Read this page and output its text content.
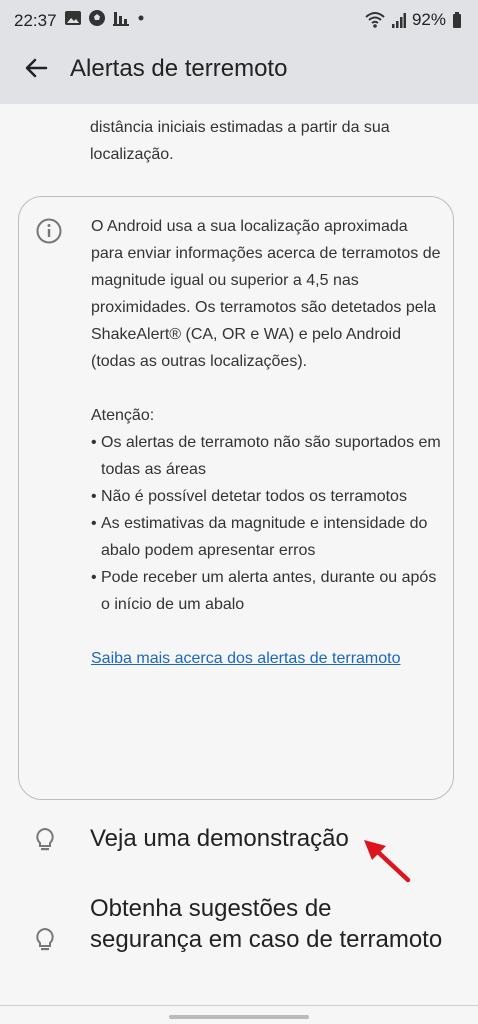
22:37	92%
Alertas de terremoto
distância iniciais estimadas a partir da sua localização.

O Android usa a sua localização aproximada para enviar informações acerca de terramotos de magnitude igual ou superior a 4,5 nas proximidades. Os terramotos são detetados pela ShakeAlert® (CA, OR e WA) e pelo Android (todas as outras localizações).

Atenção:

• Os alertas de terramoto não são suportados em todas as áreas
• Não é possível detetar todos os terramotos
• As estimativas da magnitude e intensidade do abalo podem apresentar erros
• Pode receber um alerta antes, durante ou após o início de um abalo
Saiba mais acerca dos alertas de terramoto
Veja uma demonstração
Obtenha sugestões de segurança em caso de terramoto
